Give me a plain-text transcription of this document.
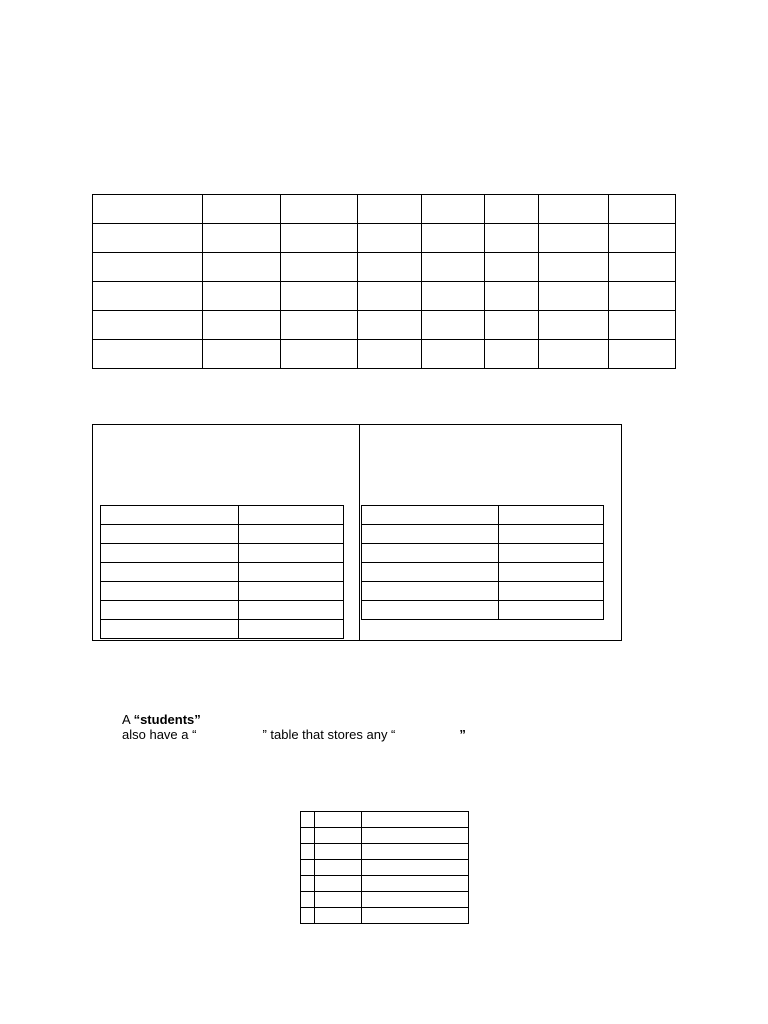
A “students”
also have a “	” table that stores any “	”
